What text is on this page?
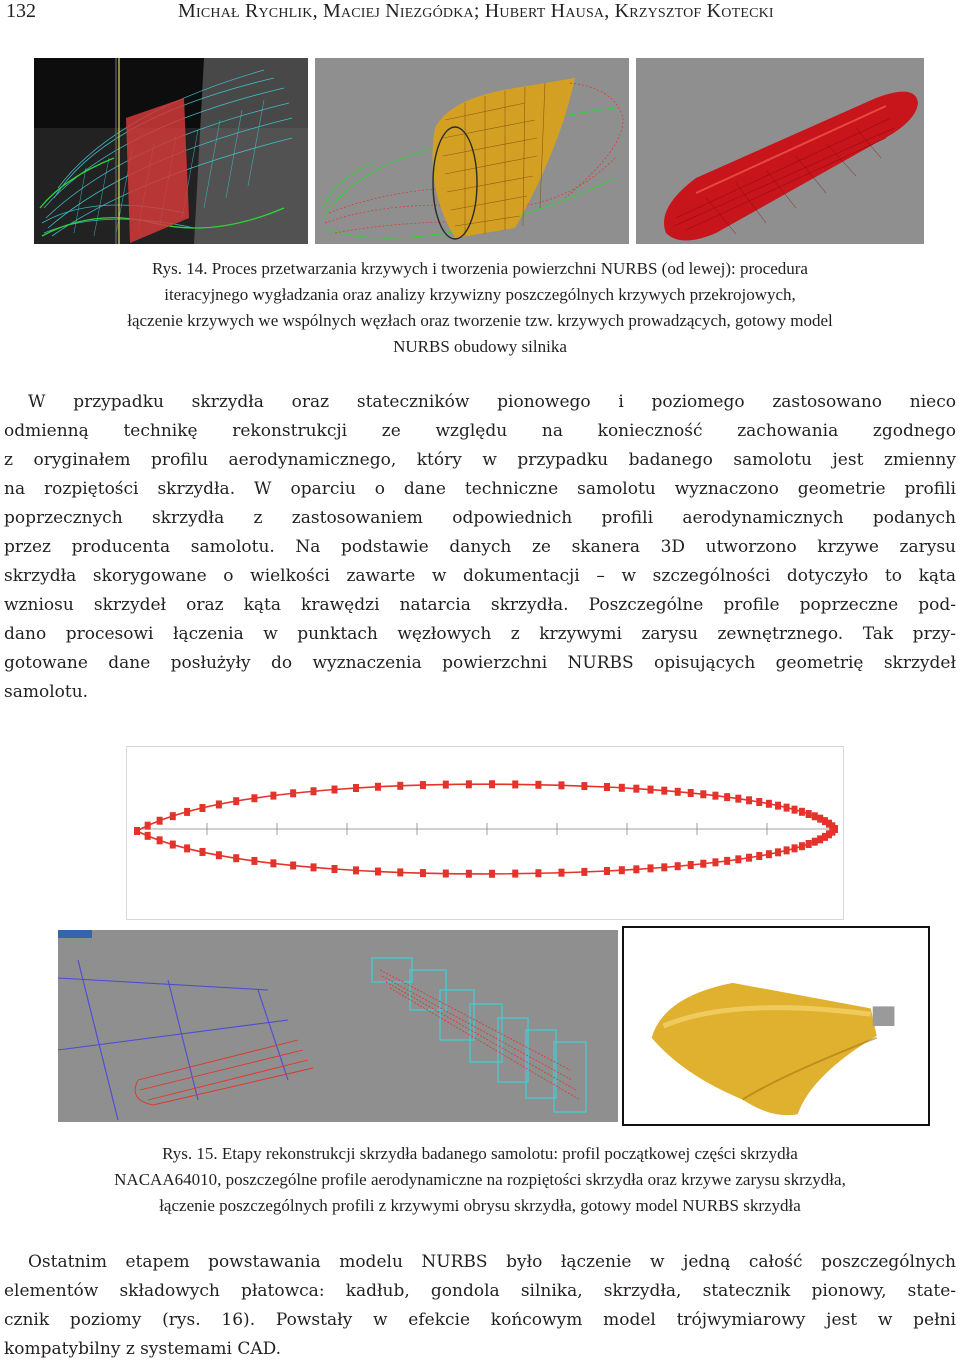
132	Michał Rychlik, Maciej Niezgódka; Hubert Hausa, Krzysztof Kotecki

Rys. 14. Proces przetwarzania krzywych i tworzenia powierzchni NURBS (od lewej): procedura

iteracyjnego wygładzania oraz analizy krzywizny poszczególnych krzywych przekrojowych,

łączenie krzywych we wspólnych węzłach oraz tworzenie tzw. krzywych prowadzących, gotowy model

NURBS obudowy silnika

W przypadku skrzydła oraz stateczników pionowego i poziomego zastosowano nieco
odmienną technikę rekonstrukcji ze względu na konieczność zachowania zgodnego
z oryginałem profilu aerodynamicznego, który w przypadku badanego samolotu jest zmienny
na rozpiętości skrzydła. W oparciu o dane techniczne samolotu wyznaczono geometrie profili
poprzecznych skrzydła z zastosowaniem odpowiednich profili aerodynamicznych podanych
przez producenta samolotu. Na podstawie danych ze skanera 3D utworzono krzywe zarysu
skrzydła skorygowane o wielkości zawarte w dokumentacji – w szczególności dotyczyło to kąta
wzniosu skrzydeł oraz kąta krawędzi natarcia skrzydła. Poszczególne profile poprzeczne pod-
dano procesowi łączenia w punktach węzłowych z krzywymi zarysu zewnętrznego. Tak przy-
gotowane dane posłużyły do wyznaczenia powierzchni NURBS opisujących geometrię skrzydeł
samolotu.

Rys. 15. Etapy rekonstrukcji skrzydła badanego samolotu: profil początkowej części skrzydła

NACAA64010, poszczególne profile aerodynamiczne na rozpiętości skrzydła oraz krzywe zarysu skrzydła,

łączenie poszczególnych profili z krzywymi obrysu skrzydła, gotowy model NURBS skrzydła

Ostatnim etapem powstawania modelu NURBS było łączenie w jedną całość poszczególnych
elementów składowych płatowca: kadłub, gondola silnika, skrzydła, statecznik pionowy, state-
cznik poziomy (rys. 16). Powstały w efekcie końcowym model trójwymiarowy jest w pełni
kompatybilny z systemami CAD.
